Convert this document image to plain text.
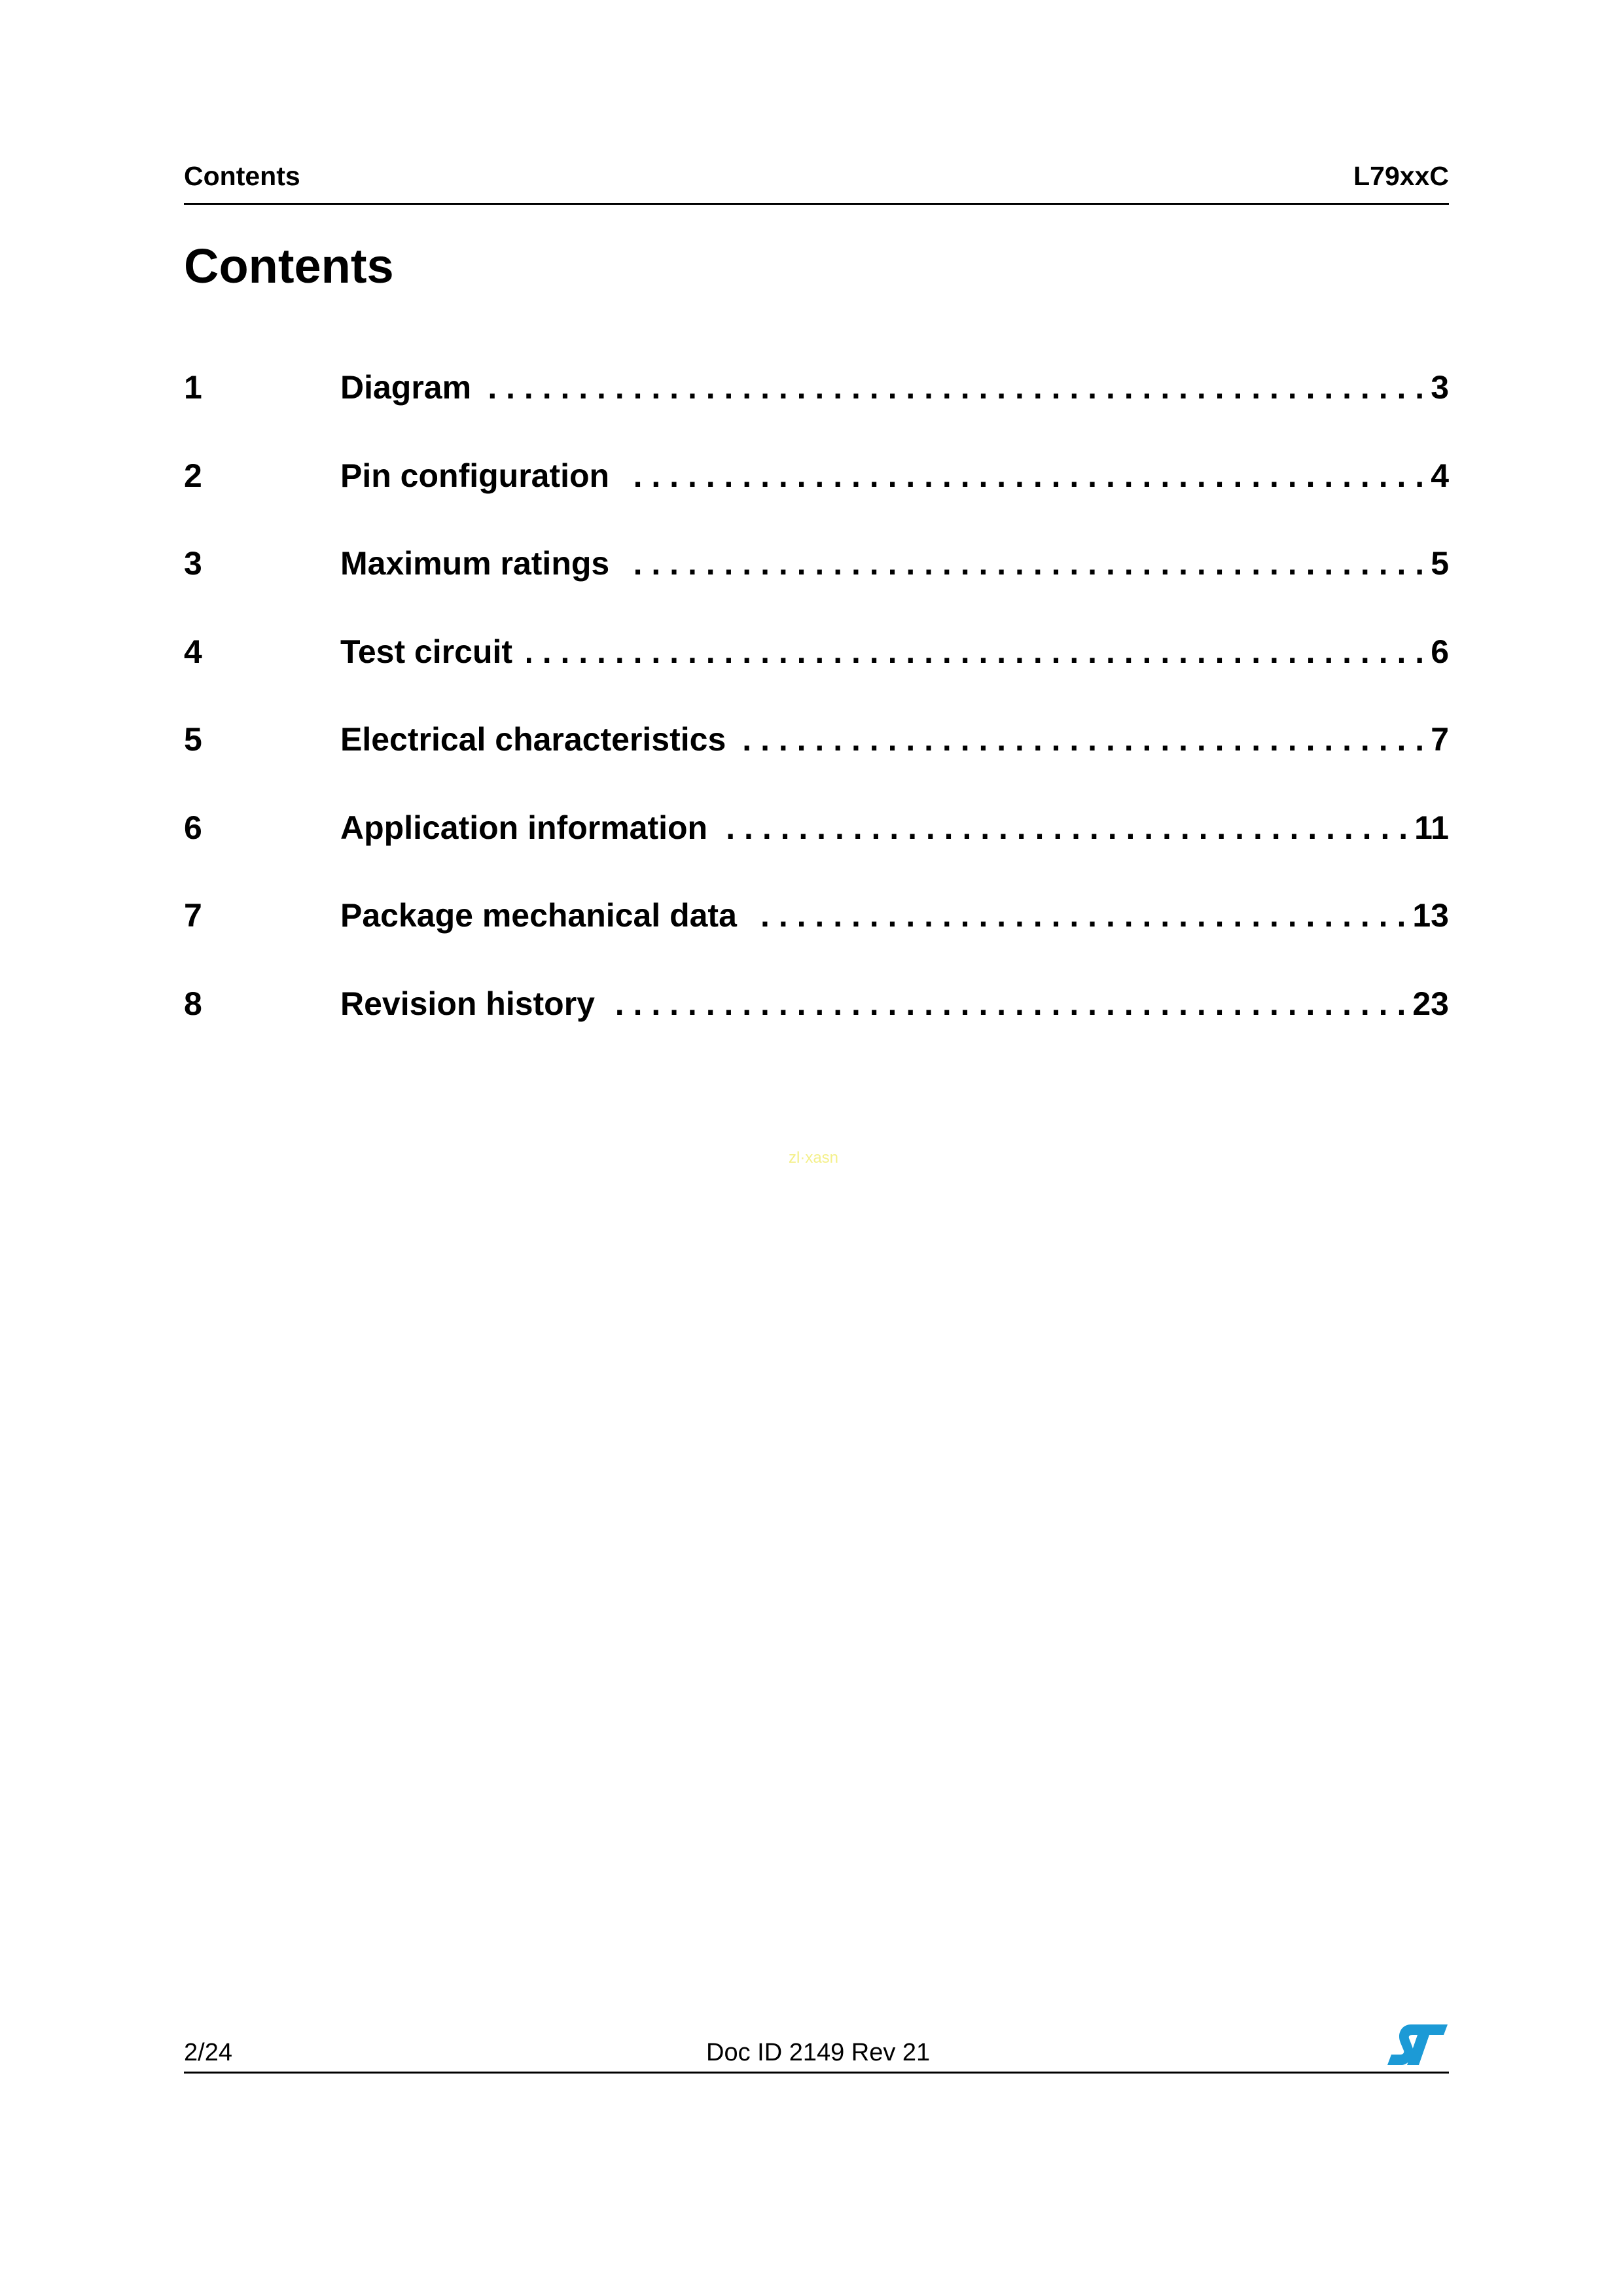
Contents	L79xxC
Contents
1	Diagram . . .	3
2	Pin configuration . . .	4
3	Maximum ratings . . .	5
4	Test circuit . . .	6
5	Electrical characteristics . . .	7
6	Application information . . .	11
7	Package mechanical data . . .	13
8	Revision history . . .	23
zl·xasn
2/24	Doc ID 2149 Rev 21
